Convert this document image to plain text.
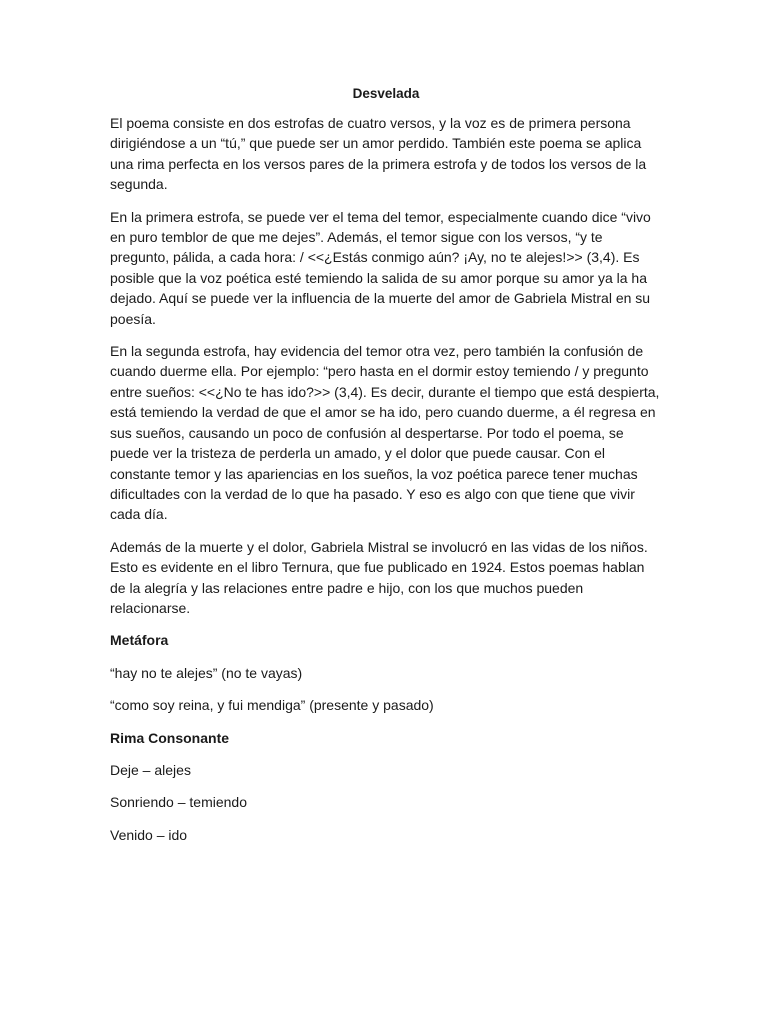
Desvelada

El poema consiste en dos estrofas de cuatro versos, y la voz es de primera persona dirigiéndose a un “tú,” que puede ser un amor perdido. También este poema se aplica una rima perfecta en los versos pares de la primera estrofa y de todos los versos de la segunda.

En la primera estrofa, se puede ver el tema del temor, especialmente cuando dice “vivo en puro temblor de que me dejes”. Además, el temor sigue con los versos, “y te pregunto, pálida, a cada hora: / <<¿Estás conmigo aún? ¡Ay, no te alejes!>> (3,4). Es posible que la voz poética esté temiendo la salida de su amor porque su amor ya la ha dejado. Aquí se puede ver la influencia de la muerte del amor de Gabriela Mistral en su poesía.

En la segunda estrofa, hay evidencia del temor otra vez, pero también la confusión de cuando duerme ella. Por ejemplo: “pero hasta en el dormir estoy temiendo / y pregunto entre sueños: <<¿No te has ido?>> (3,4). Es decir, durante el tiempo que está despierta, está temiendo la verdad de que el amor se ha ido, pero cuando duerme, a él regresa en sus sueños, causando un poco de confusión al despertarse. Por todo el poema, se puede ver la tristeza de perderla un amado, y el dolor que puede causar. Con el constante temor y las apariencias en los sueños, la voz poética parece tener muchas dificultades con la verdad de lo que ha pasado. Y eso es algo con que tiene que vivir cada día.

Además de la muerte y el dolor, Gabriela Mistral se involucró en las vidas de los niños. Esto es evidente en el libro Ternura, que fue publicado en 1924. Estos poemas hablan de la alegría y las relaciones entre padre e hijo, con los que muchos pueden relacionarse.

Metáfora

“hay no te alejes” (no te vayas)

“como soy reina, y fui mendiga” (presente y pasado)

Rima Consonante

Deje – alejes

Sonriendo – temiendo

Venido – ido
